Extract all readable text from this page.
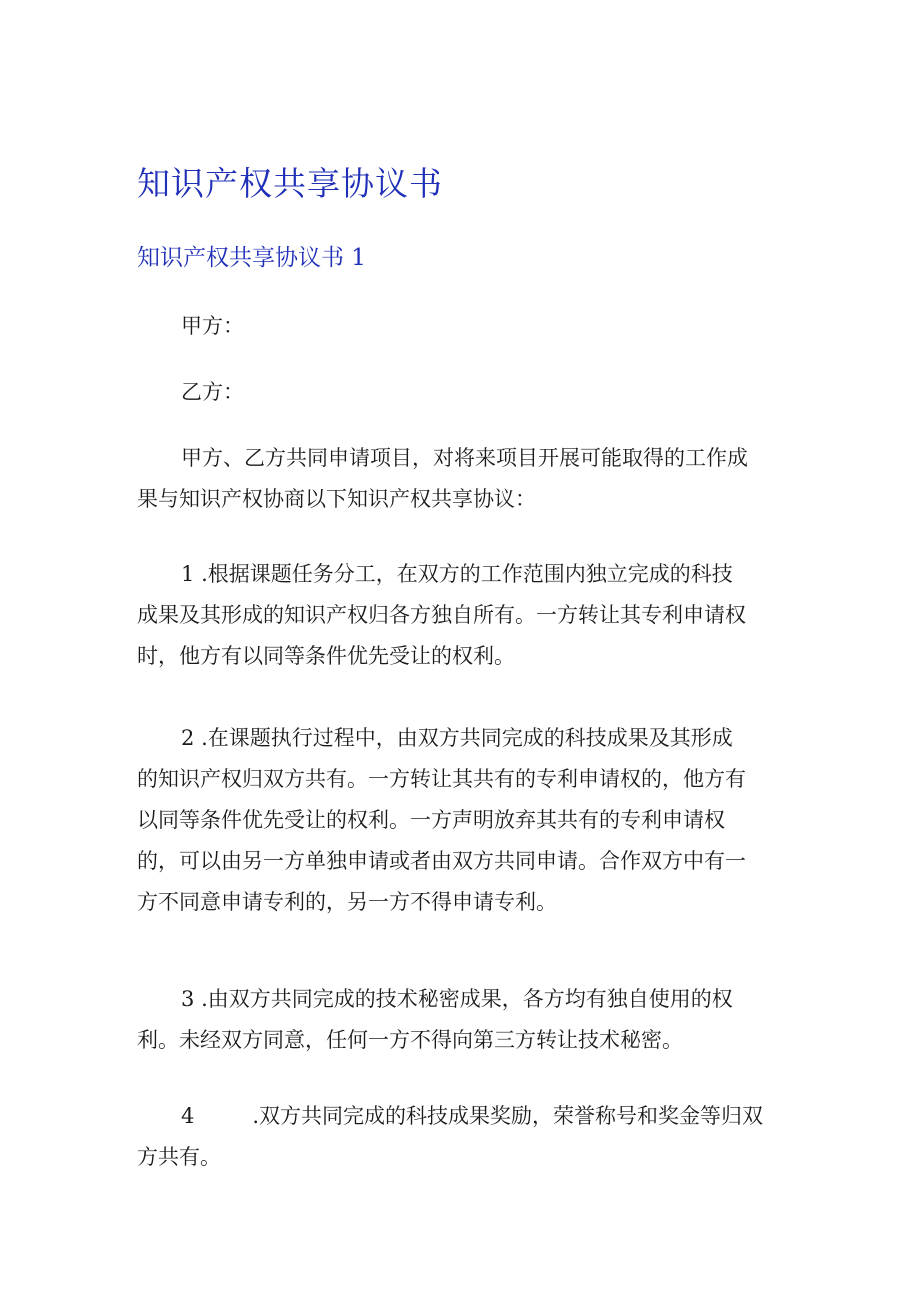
知识产权共享协议书
知识产权共享协议书 1

甲方：

乙方：

甲方、乙方共同申请项目，对将来项目开展可能取得的工作成
果与知识产权协商以下知识产权共享协议：

1 .根据课题任务分工，在双方的工作范围内独立完成的科技
成果及其形成的知识产权归各方独自所有。一方转让其专利申请权
时，他方有以同等条件优先受让的权利。

2 .在课题执行过程中，由双方共同完成的科技成果及其形成
的知识产权归双方共有。一方转让其共有的专利申请权的，他方有
以同等条件优先受让的权利。一方声明放弃其共有的专利申请权
的，可以由另一方单独申请或者由双方共同申请。合作双方中有一
方不同意申请专利的，另一方不得申请专利。

3 .由双方共同完成的技术秘密成果，各方均有独自使用的权
利。未经双方同意，任何一方不得向第三方转让技术秘密。

4	.双方共同完成的科技成果奖励，荣誉称号和奖金等归双
方共有。
